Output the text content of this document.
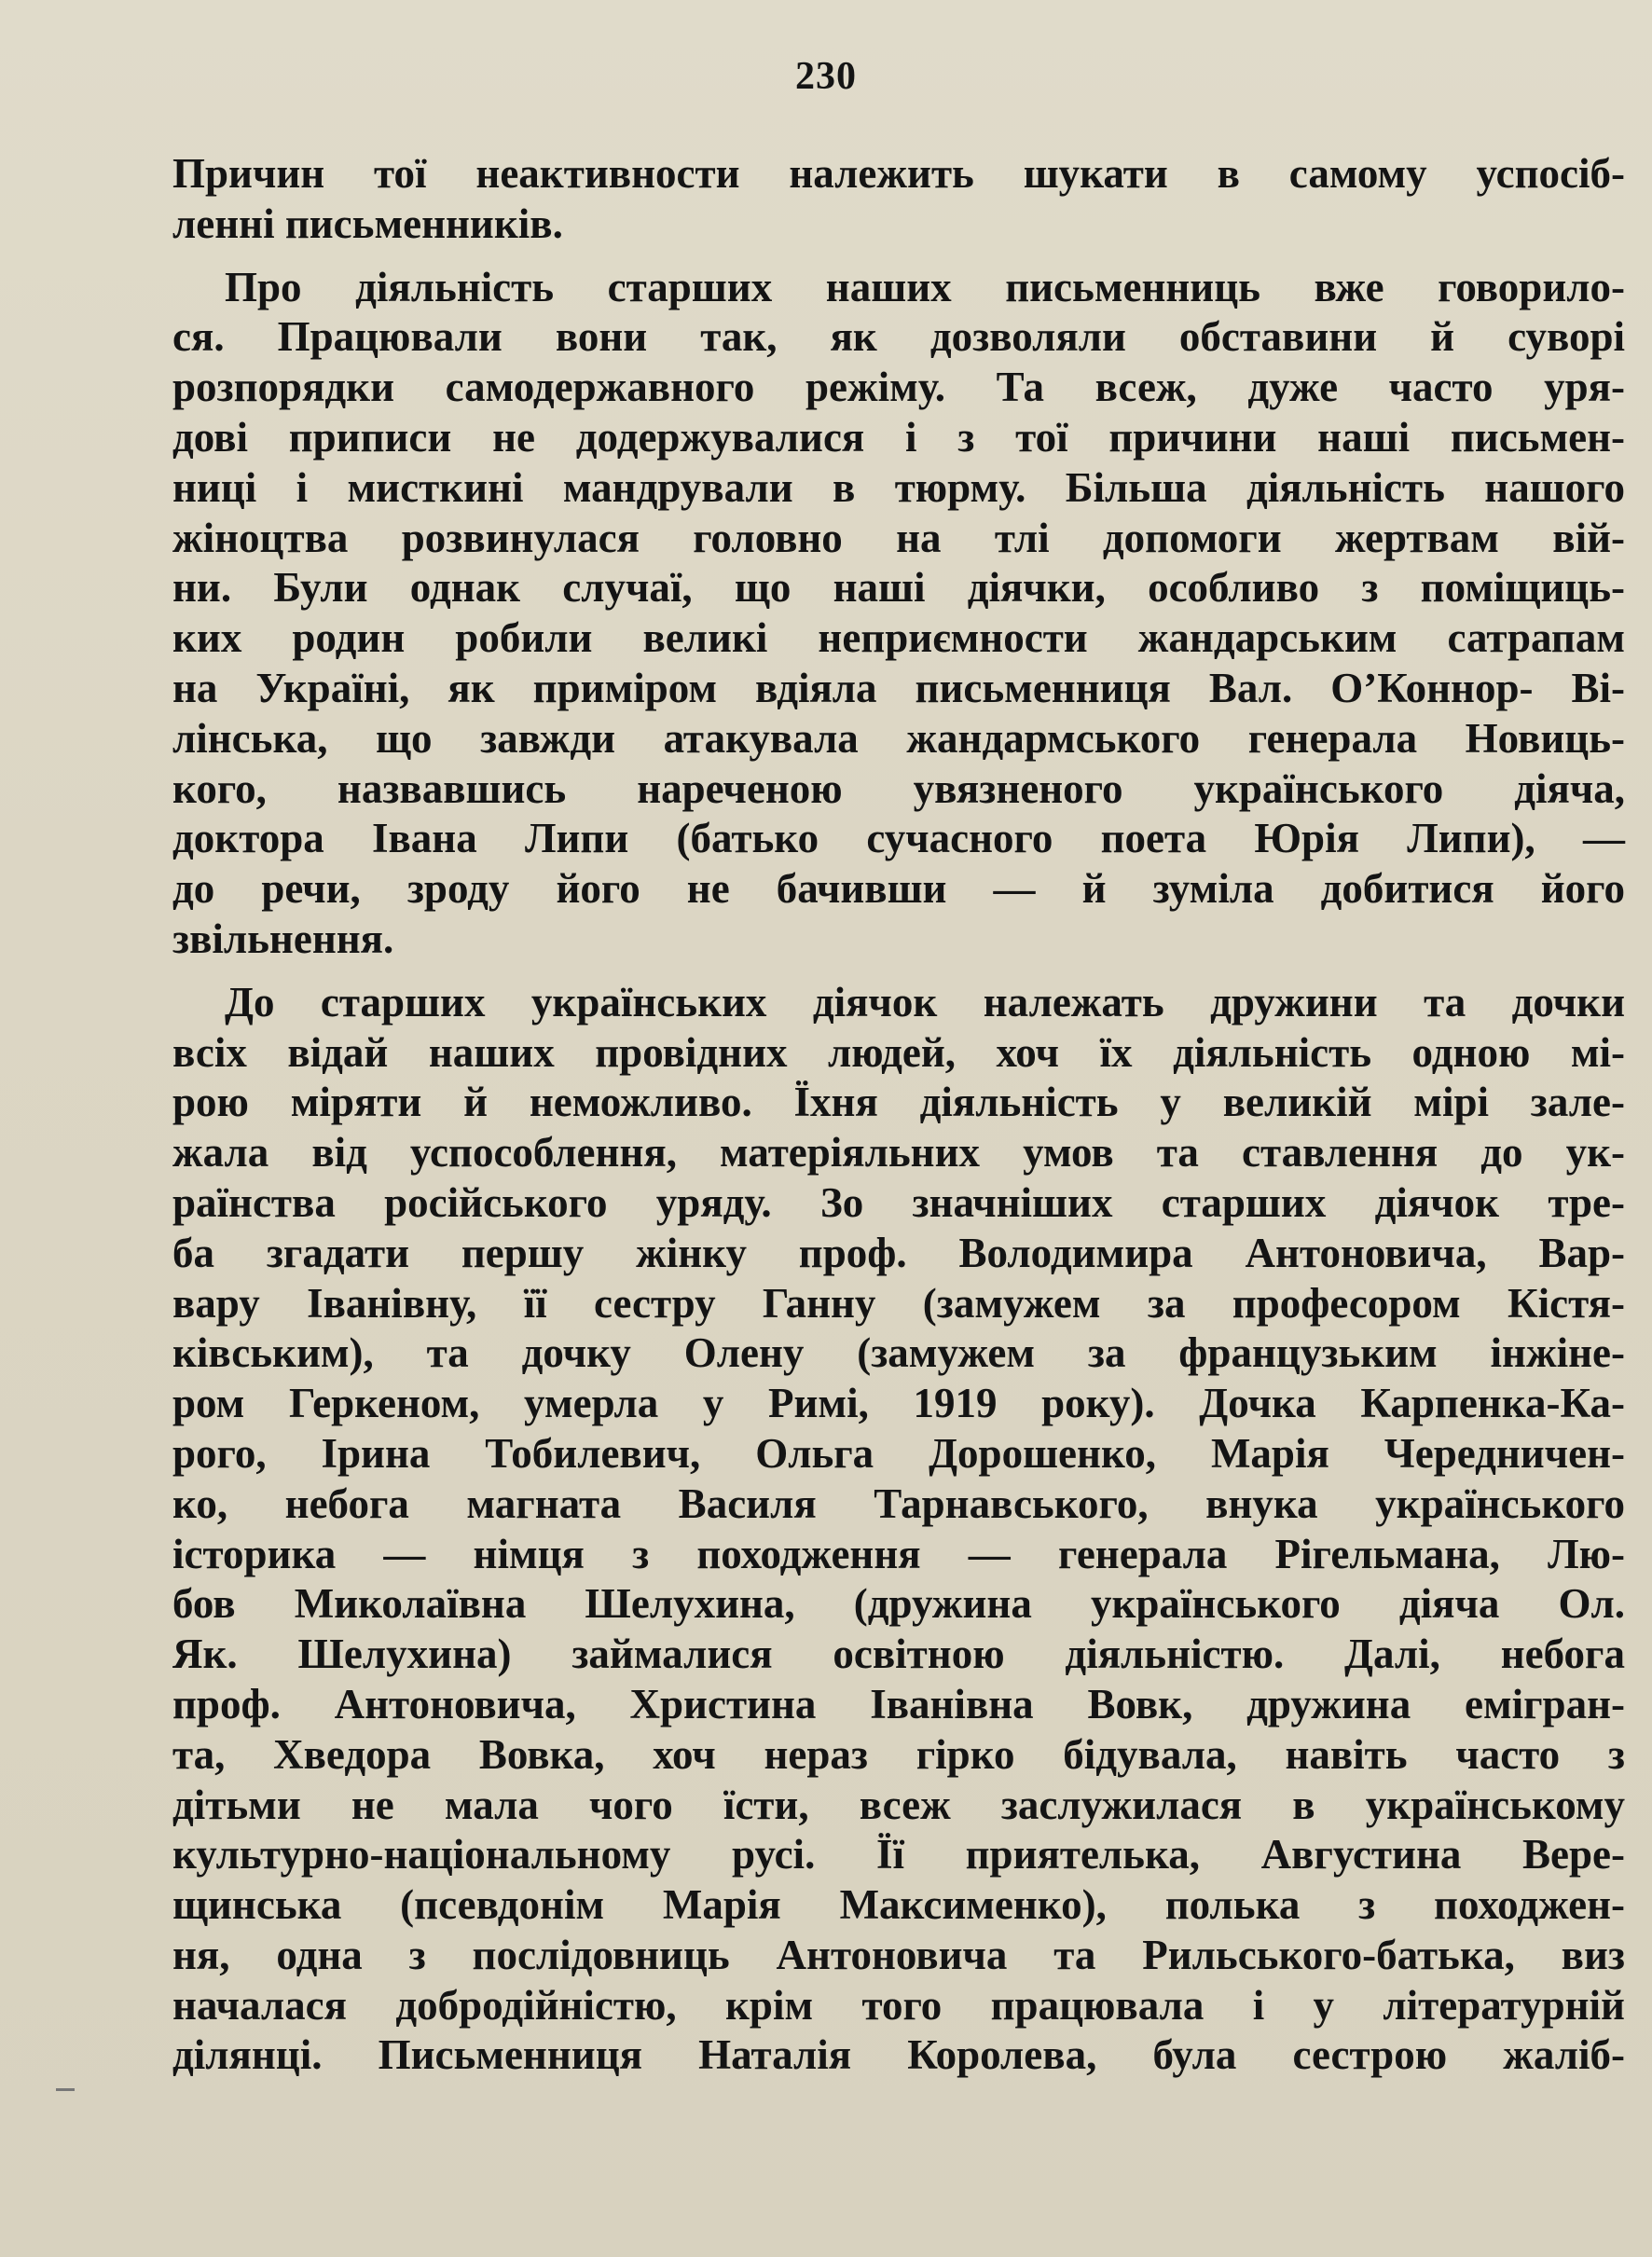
230
Причин тої неактивности належить шукати в самому успосіб-
ленні письменників.
Про діяльність старших наших письменниць вже говорило-
ся. Працювали вони так, як дозволяли обставини й суворі
розпорядки самодержавного режіму. Та всеж, дуже часто уря-
дові приписи не додержувалися і з тої причини наші письмен-
ниці і мисткині мандрували в тюрму. Більша діяльність нашого
жіноцтва розвинулася головно на тлі допомоги жертвам вій-
ни. Були однак случаї, що наші діячки, особливо з поміщиць-
ких родин робили великі неприємности жандарським сатрапам
на Україні, як приміром вдіяла письменниця Вал. О’Коннор- Ві-
лінська, що завжди атакувала жандармського генерала Новиць-
кого, назвавшись нареченою увязненого українського діяча,
доктора Івана Липи (батько сучасного поета Юрія Липи), —
до речи, зроду його не бачивши — й зуміла добитися його
звільнення.
До старших українських діячок належать дружини та дочки
всіх відай наших провідних людей, хоч їх діяльність одною мі-
рою міряти й неможливо. Їхня діяльність у великій мірі зале-
жала від успособлення, матеріяльних умов та ставлення до ук-
раїнства російського уряду. Зо значніших старших діячок тре-
ба згадати першу жінку проф. Володимира Антоновича, Вар-
вару Іванівну, її сестру Ганну (замужем за професором Кістя-
ківським), та дочку Олену (замужем за французьким інжіне-
ром Геркеном, умерла у Римі, 1919 року). Дочка Карпенка-Ка-
рого, Ірина Тобилевич, Ольга Дорошенко, Марія Чередничен-
ко, небога магната Василя Тарнавського, внука українського
історика — німця з походження — генерала Рігельмана, Лю-
бов Миколаївна Шелухина, (дружина українського діяча Ол.
Як. Шелухина) займалися освітною діяльністю. Далі, небога
проф. Антоновича, Христина Іванівна Вовк, дружина емігран-
та, Хведора Вовка, хоч нераз гірко бідувала, навіть часто з
дітьми не мала чого їсти, всеж заслужилася в українському
культурно-національному русі. Її приятелька, Августина Вере-
щинська (псевдонім Марія Максименко), полька з походжен-
ня, одна з послідовниць Антоновича та Рильського-батька, виз
началася добродійністю, крім того працювала і у літературній
ділянці. Письменниця Наталія Королева, була сестрою жаліб-
